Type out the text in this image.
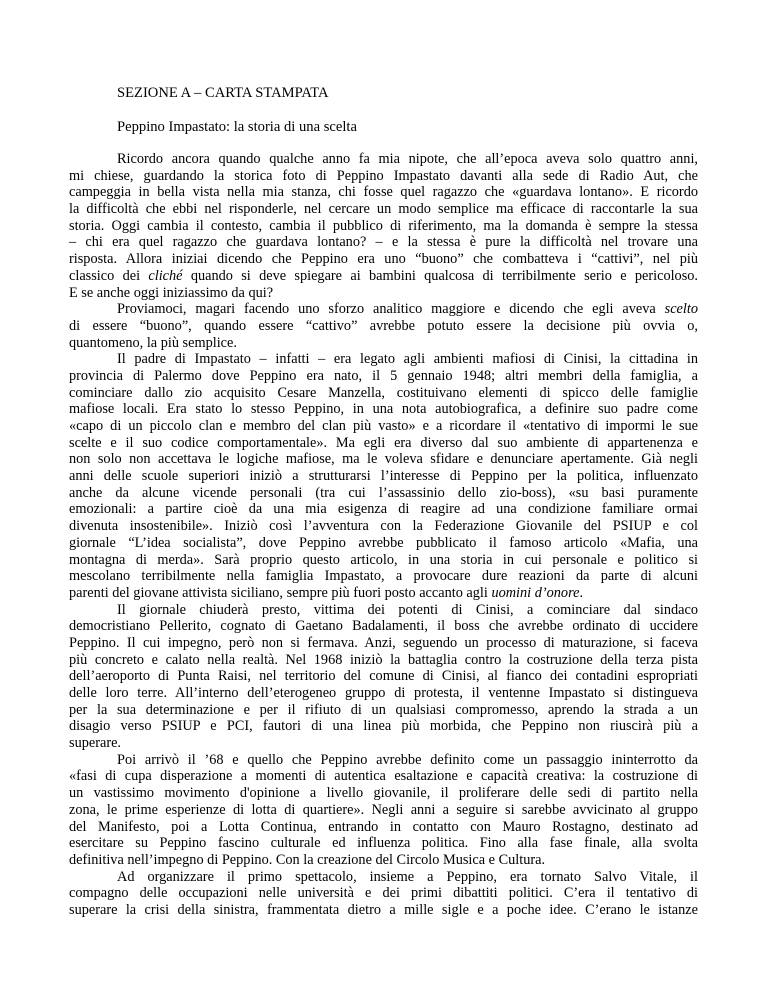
SEZIONE A – CARTA STAMPATA
Peppino Impastato: la storia di una scelta
Ricordo ancora quando qualche anno fa mia nipote, che all’epoca aveva solo quattro anni,
mi chiese, guardando la storica foto di Peppino Impastato davanti alla sede di Radio Aut, che
campeggia in bella vista nella mia stanza, chi fosse quel ragazzo che «guardava lontano». E ricordo
la difficoltà che ebbi nel risponderle, nel cercare un modo semplice ma efficace di raccontarle la sua
storia. Oggi cambia il contesto, cambia il pubblico di riferimento, ma la domanda è sempre la stessa
– chi era quel ragazzo che guardava lontano? – e la stessa è pure la difficoltà nel trovare una
risposta. Allora iniziai dicendo che Peppino era uno “buono” che combatteva i “cattivi”, nel più
classico dei cliché quando si deve spiegare ai bambini qualcosa di terribilmente serio e pericoloso.
E se anche oggi iniziassimo da qui?
Proviamoci, magari facendo uno sforzo analitico maggiore e dicendo che egli aveva scelto
di essere “buono”, quando essere “cattivo” avrebbe potuto essere la decisione più ovvia o,
quantomeno, la più semplice.
Il padre di Impastato – infatti – era legato agli ambienti mafiosi di Cinisi, la cittadina in
provincia di Palermo dove Peppino era nato, il 5 gennaio 1948; altri membri della famiglia, a
cominciare dallo zio acquisito Cesare Manzella, costituivano elementi di spicco delle famiglie
mafiose locali. Era stato lo stesso Peppino, in una nota autobiografica, a definire suo padre come
«capo di un piccolo clan e membro del clan più vasto» e a ricordare il «tentativo di impormi le sue
scelte e il suo codice comportamentale». Ma egli era diverso dal suo ambiente di appartenenza e
non solo non accettava le logiche mafiose, ma le voleva sfidare e denunciare apertamente. Già negli
anni delle scuole superiori iniziò a strutturarsi l’interesse di Peppino per la politica, influenzato
anche da alcune vicende personali (tra cui l’assassinio dello zio-boss), «su basi puramente
emozionali: a partire cioè da una mia esigenza di reagire ad una condizione familiare ormai
divenuta insostenibile». Iniziò così l’avventura con la Federazione Giovanile del PSIUP e col
giornale “L’idea socialista”, dove Peppino avrebbe pubblicato il famoso articolo «Mafia, una
montagna di merda». Sarà proprio questo articolo, in una storia in cui personale e politico si
mescolano terribilmente nella famiglia Impastato, a provocare dure reazioni da parte di alcuni
parenti del giovane attivista siciliano, sempre più fuori posto accanto agli uomini d’onore.
Il giornale chiuderà presto, vittima dei potenti di Cinisi, a cominciare dal sindaco
democristiano Pellerito, cognato di Gaetano Badalamenti, il boss che avrebbe ordinato di uccidere
Peppino. Il cui impegno, però non si fermava. Anzi, seguendo un processo di maturazione, si faceva
più concreto e calato nella realtà. Nel 1968 iniziò la battaglia contro la costruzione della terza pista
dell’aeroporto di Punta Raisi, nel territorio del comune di Cinisi, al fianco dei contadini espropriati
delle loro terre. All’interno dell’eterogeneo gruppo di protesta, il ventenne Impastato si distingueva
per la sua determinazione e per il rifiuto di un qualsiasi compromesso, aprendo la strada a un
disagio verso PSIUP e PCI, fautori di una linea più morbida, che Peppino non riuscirà più a
superare.
Poi arrivò il ’68 e quello che Peppino avrebbe definito come un passaggio ininterrotto da
«fasi di cupa disperazione a momenti di autentica esaltazione e capacità creativa: la costruzione di
un vastissimo movimento d'opinione a livello giovanile, il proliferare delle sedi di partito nella
zona, le prime esperienze di lotta di quartiere». Negli anni a seguire si sarebbe avvicinato al gruppo
del Manifesto, poi a Lotta Continua, entrando in contatto con Mauro Rostagno, destinato ad
esercitare su Peppino fascino culturale ed influenza politica. Fino alla fase finale, alla svolta
definitiva nell’impegno di Peppino. Con la creazione del Circolo Musica e Cultura.
Ad organizzare il primo spettacolo, insieme a Peppino, era tornato Salvo Vitale, il
compagno delle occupazioni nelle università e dei primi dibattiti politici. C’era il tentativo di
superare la crisi della sinistra, frammentata dietro a mille sigle e a poche idee. C’erano le istanze
